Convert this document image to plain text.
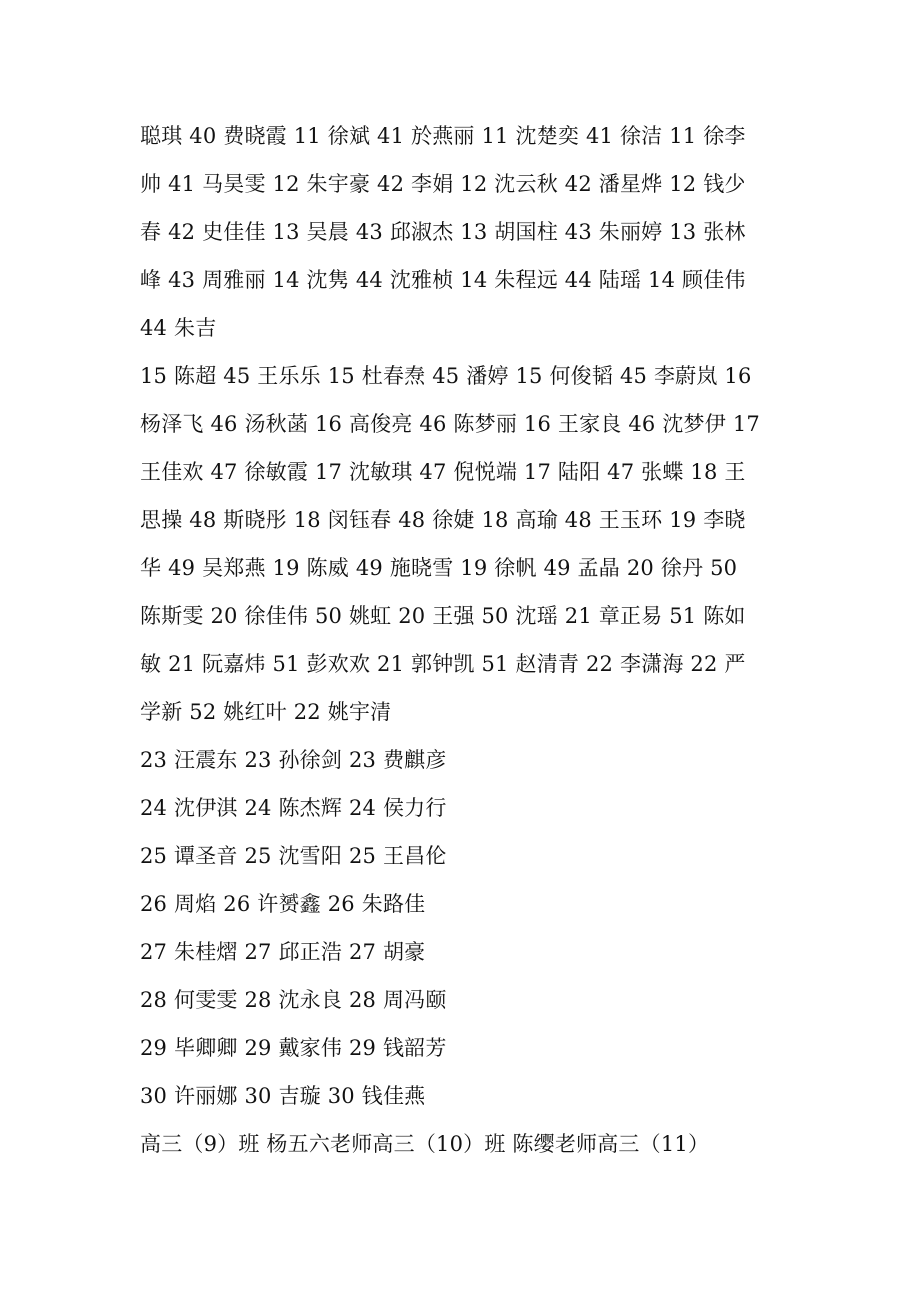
聪琪 40 费晓霞 11 徐斌 41 於燕丽 11 沈楚奕 41 徐洁 11 徐李
帅 41 马昊雯 12 朱宇豪 42 李娟 12 沈云秋 42 潘星烨 12 钱少
春 42 史佳佳 13 吴晨 43 邱淑杰 13 胡国柱 43 朱丽婷 13 张林
峰 43 周雅丽 14 沈隽 44 沈雅桢 14 朱程远 44 陆瑶 14 顾佳伟
44 朱吉

15 陈超 45 王乐乐 15 杜春焘 45 潘婷 15 何俊韬 45 李蔚岚 16
杨泽飞 46 汤秋菡 16 高俊亮 46 陈梦丽 16 王家良 46 沈梦伊 17
王佳欢 47 徐敏霞 17 沈敏琪 47 倪悦端 17 陆阳 47 张蝶 18 王
思操 48 斯晓彤 18 闵钰春 48 徐婕 18 高瑜 48 王玉环 19 李晓
华 49 吴郑燕 19 陈威 49 施晓雪 19 徐帆 49 孟晶 20 徐丹 50
陈斯雯 20 徐佳伟 50 姚虹 20 王强 50 沈瑶 21 章正易 51 陈如
敏 21 阮嘉炜 51 彭欢欢 21 郭钟凯 51 赵清青 22 李潇海 22 严
学新 52 姚红叶 22 姚宇清

23 汪震东 23 孙徐剑 23 费麒彦

24 沈伊淇 24 陈杰辉 24 侯力行

25 谭圣音 25 沈雪阳 25 王昌伦

26 周焰 26 许赟鑫 26 朱路佳

27 朱桂熠 27 邱正浩 27 胡豪

28 何雯雯 28 沈永良 28 周冯颐

29 毕卿卿 29 戴家伟 29 钱韶芳

30 许丽娜 30 吉璇 30 钱佳燕

高三（9）班 杨五六老师高三（10）班 陈缨老师高三（11）
